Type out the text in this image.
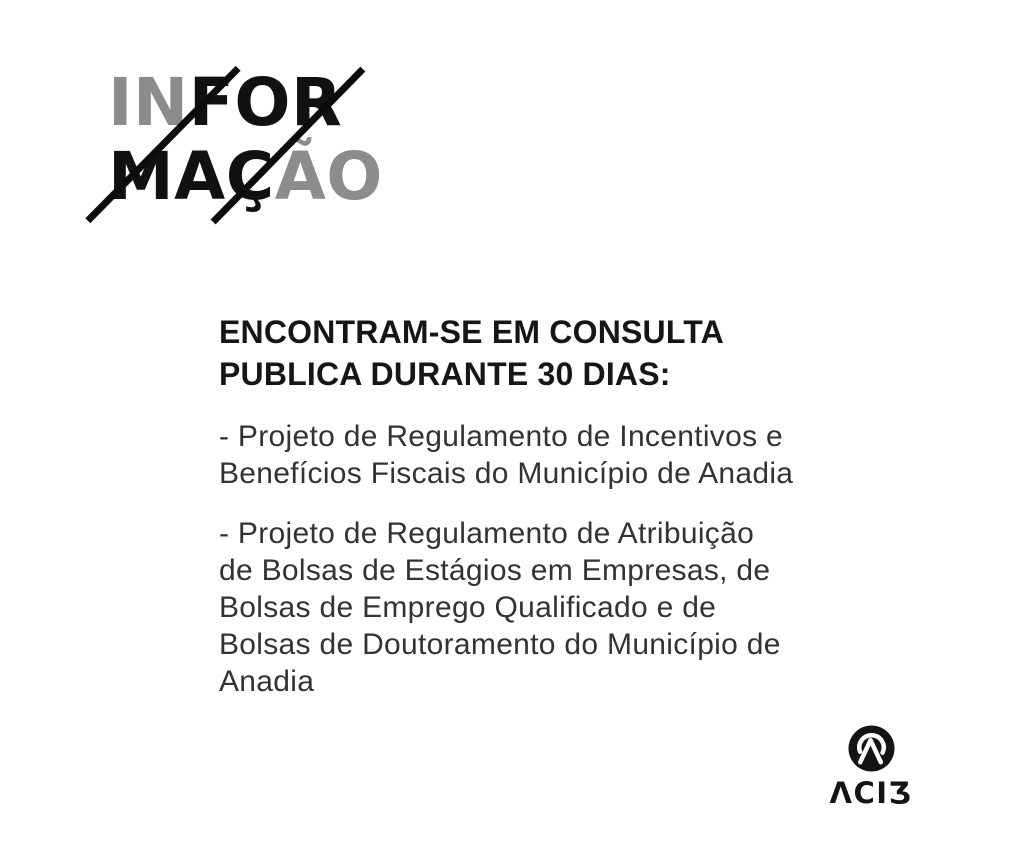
INFOR
MAÇÃO
ENCONTRAM-SE EM CONSULTA
PUBLICA DURANTE 30 DIAS:
- Projeto de Regulamento de Incentivos e
Benefícios Fiscais do Município de Anadia
- Projeto de Regulamento de Atribuição
de Bolsas de Estágios em Empresas, de
Bolsas de Emprego Qualificado e de
Bolsas de Doutoramento do Município de
Anadia
ΛCIƷ
